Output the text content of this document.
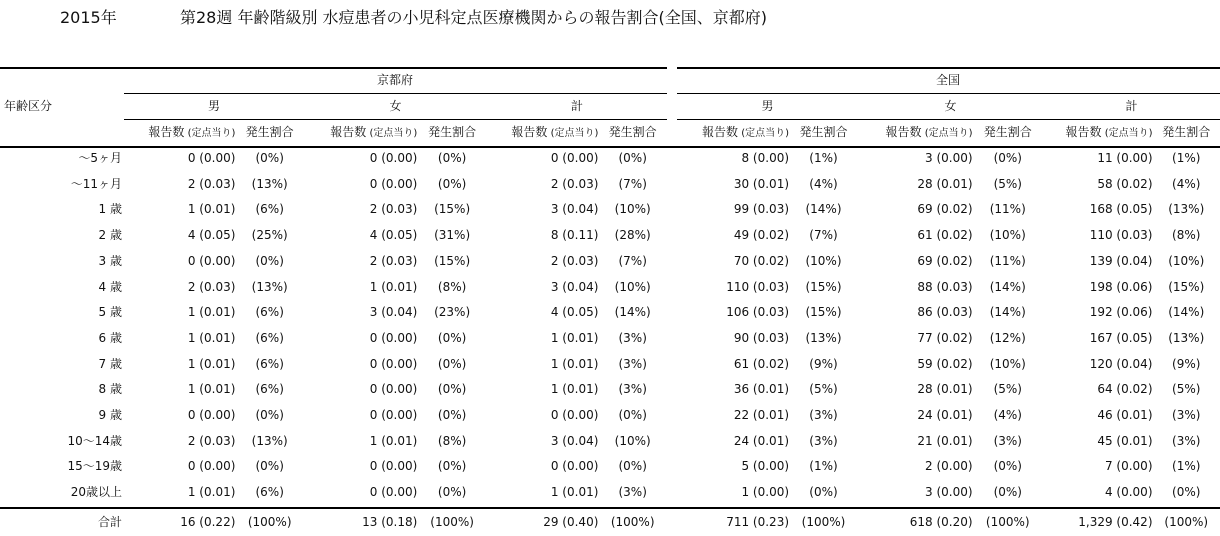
2015年	第28週 年齢階級別 水痘患者の小児科定点医療機関からの報告割合(全国、京都府)
年齢区分
京都府	全国
男
報告数 (定点当り) 発生割合
女
報告数 (定点当り) 発生割合
計
報告数 (定点当り) 発生割合
男
報告数 (定点当り) 発生割合
女
報告数 (定点当り) 発生割合
計
報告数 (定点当り) 発生割合
～5ヶ月	0 (0.00)	(0%)	0 (0.00)	(0%)	0 (0.00)	(0%)	8 (0.00)	(1%)	3 (0.00)	(0%)	11 (0.00)	(1%)
～11ヶ月	2 (0.03)	(13%)	0 (0.00)	(0%)	2 (0.03)	(7%)	30 (0.01)	(4%)	28 (0.01)	(5%)	58 (0.02)	(4%)
1 歳	1 (0.01)	(6%)	2 (0.03)	(15%)	3 (0.04)	(10%)	99 (0.03)	(14%)	69 (0.02)	(11%)	168 (0.05)	(13%)
2 歳	4 (0.05)	(25%)	4 (0.05)	(31%)	8 (0.11)	(28%)	49 (0.02)	(7%)	61 (0.02)	(10%)	110 (0.03)	(8%)
3 歳	0 (0.00)	(0%)	2 (0.03)	(15%)	2 (0.03)	(7%)	70 (0.02)	(10%)	69 (0.02)	(11%)	139 (0.04)	(10%)
4 歳	2 (0.03)	(13%)	1 (0.01)	(8%)	3 (0.04)	(10%)	110 (0.03)	(15%)	88 (0.03)	(14%)	198 (0.06)	(15%)
5 歳	1 (0.01)	(6%)	3 (0.04)	(23%)	4 (0.05)	(14%)	106 (0.03)	(15%)	86 (0.03)	(14%)	192 (0.06)	(14%)
6 歳	1 (0.01)	(6%)	0 (0.00)	(0%)	1 (0.01)	(3%)	90 (0.03)	(13%)	77 (0.02)	(12%)	167 (0.05)	(13%)
7 歳	1 (0.01)	(6%)	0 (0.00)	(0%)	1 (0.01)	(3%)	61 (0.02)	(9%)	59 (0.02)	(10%)	120 (0.04)	(9%)
8 歳	1 (0.01)	(6%)	0 (0.00)	(0%)	1 (0.01)	(3%)	36 (0.01)	(5%)	28 (0.01)	(5%)	64 (0.02)	(5%)
9 歳	0 (0.00)	(0%)	0 (0.00)	(0%)	0 (0.00)	(0%)	22 (0.01)	(3%)	24 (0.01)	(4%)	46 (0.01)	(3%)
10～14歳	2 (0.03)	(13%)	1 (0.01)	(8%)	3 (0.04)	(10%)	24 (0.01)	(3%)	21 (0.01)	(3%)	45 (0.01)	(3%)
15～19歳	0 (0.00)	(0%)	0 (0.00)	(0%)	0 (0.00)	(0%)	5 (0.00)	(1%)	2 (0.00)	(0%)	7 (0.00)	(1%)
20歳以上	1 (0.01)	(6%)	0 (0.00)	(0%)	1 (0.01)	(3%)	1 (0.00)	(0%)	3 (0.00)	(0%)	4 (0.00)	(0%)
合計	16 (0.22)	(100%)	13 (0.18)	(100%)	29 (0.40)	(100%)	711 (0.23)	(100%)	618 (0.20)	(100%)	1,329 (0.42) (100%)
